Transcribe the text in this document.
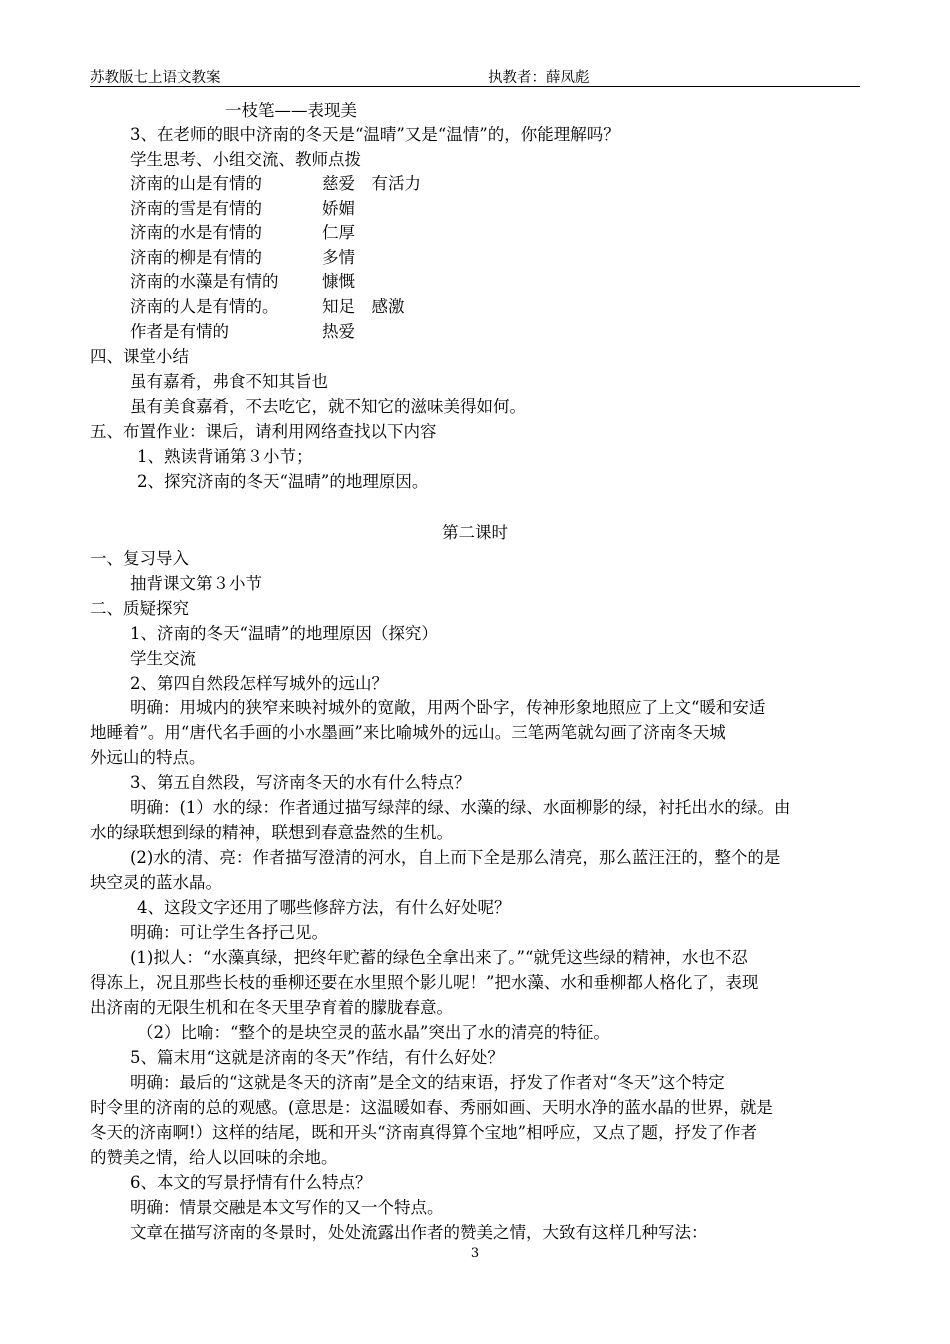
苏教版七上语文教案	执教者：薛凤彪
一枝笔——表现美
3、在老师的眼中济南的冬天是“温晴”又是“温情”的，你能理解吗？
学生思考、小组交流、教师点拨
济南的山是有情的	慈爱　有活力
济南的雪是有情的	娇媚
济南的水是有情的	仁厚
济南的柳是有情的	多情
济南的水藻是有情的	慷慨
济南的人是有情的。	知足　感激
作者是有情的	热爱
四、课堂小结
虽有嘉肴，弗食不知其旨也
虽有美食嘉肴，不去吃它，就不知它的滋味美得如何。
五、布置作业：课后，请利用网络查找以下内容
1、熟读背诵第３小节；
2、探究济南的冬天“温晴”的地理原因。
第二课时
一、复习导入
抽背课文第３小节
二、质疑探究
1、济南的冬天“温晴”的地理原因（探究）
学生交流
2、第四自然段怎样写城外的远山？
明确：用城内的狭窄来映衬城外的宽敞，用两个卧字，传神形象地照应了上文“暖和安适
地睡着”。用“唐代名手画的小水墨画”来比喻城外的远山。三笔两笔就勾画了济南冬天城
外远山的特点。
3、第五自然段，写济南冬天的水有什么特点？
明确：(1）水的绿：作者通过描写绿萍的绿、水藻的绿、水面柳影的绿，衬托出水的绿。由
水的绿联想到绿的精神，联想到春意盎然的生机。
(2)水的清、亮：作者描写澄清的河水，自上而下全是那么清亮，那么蓝汪汪的，整个的是
块空灵的蓝水晶。
4、这段文字还用了哪些修辞方法，有什么好处呢？
明确：可让学生各抒己见。
(1)拟人：“水藻真绿，把终年贮蓄的绿色全拿出来了。”“就凭这些绿的精神，水也不忍
得冻上，况且那些长枝的垂柳还要在水里照个影儿呢！”把水藻、水和垂柳都人格化了，表现
出济南的无限生机和在冬天里孕育着的朦胧春意。
（2）比喻：“整个的是块空灵的蓝水晶”突出了水的清亮的特征。
5、篇末用“这就是济南的冬天”作结，有什么好处？
明确：最后的“这就是冬天的济南”是全文的结束语，抒发了作者对“冬天”这个特定
时令里的济南的总的观感。(意思是：这温暖如春、秀丽如画、天明水净的蓝水晶的世界，就是
冬天的济南啊!）这样的结尾，既和开头“济南真得算个宝地”相呼应，又点了题，抒发了作者
的赞美之情，给人以回味的余地。
6、本文的写景抒情有什么特点？
明确：情景交融是本文写作的又一个特点。
文章在描写济南的冬景时，处处流露出作者的赞美之情，大致有这样几种写法：
3
